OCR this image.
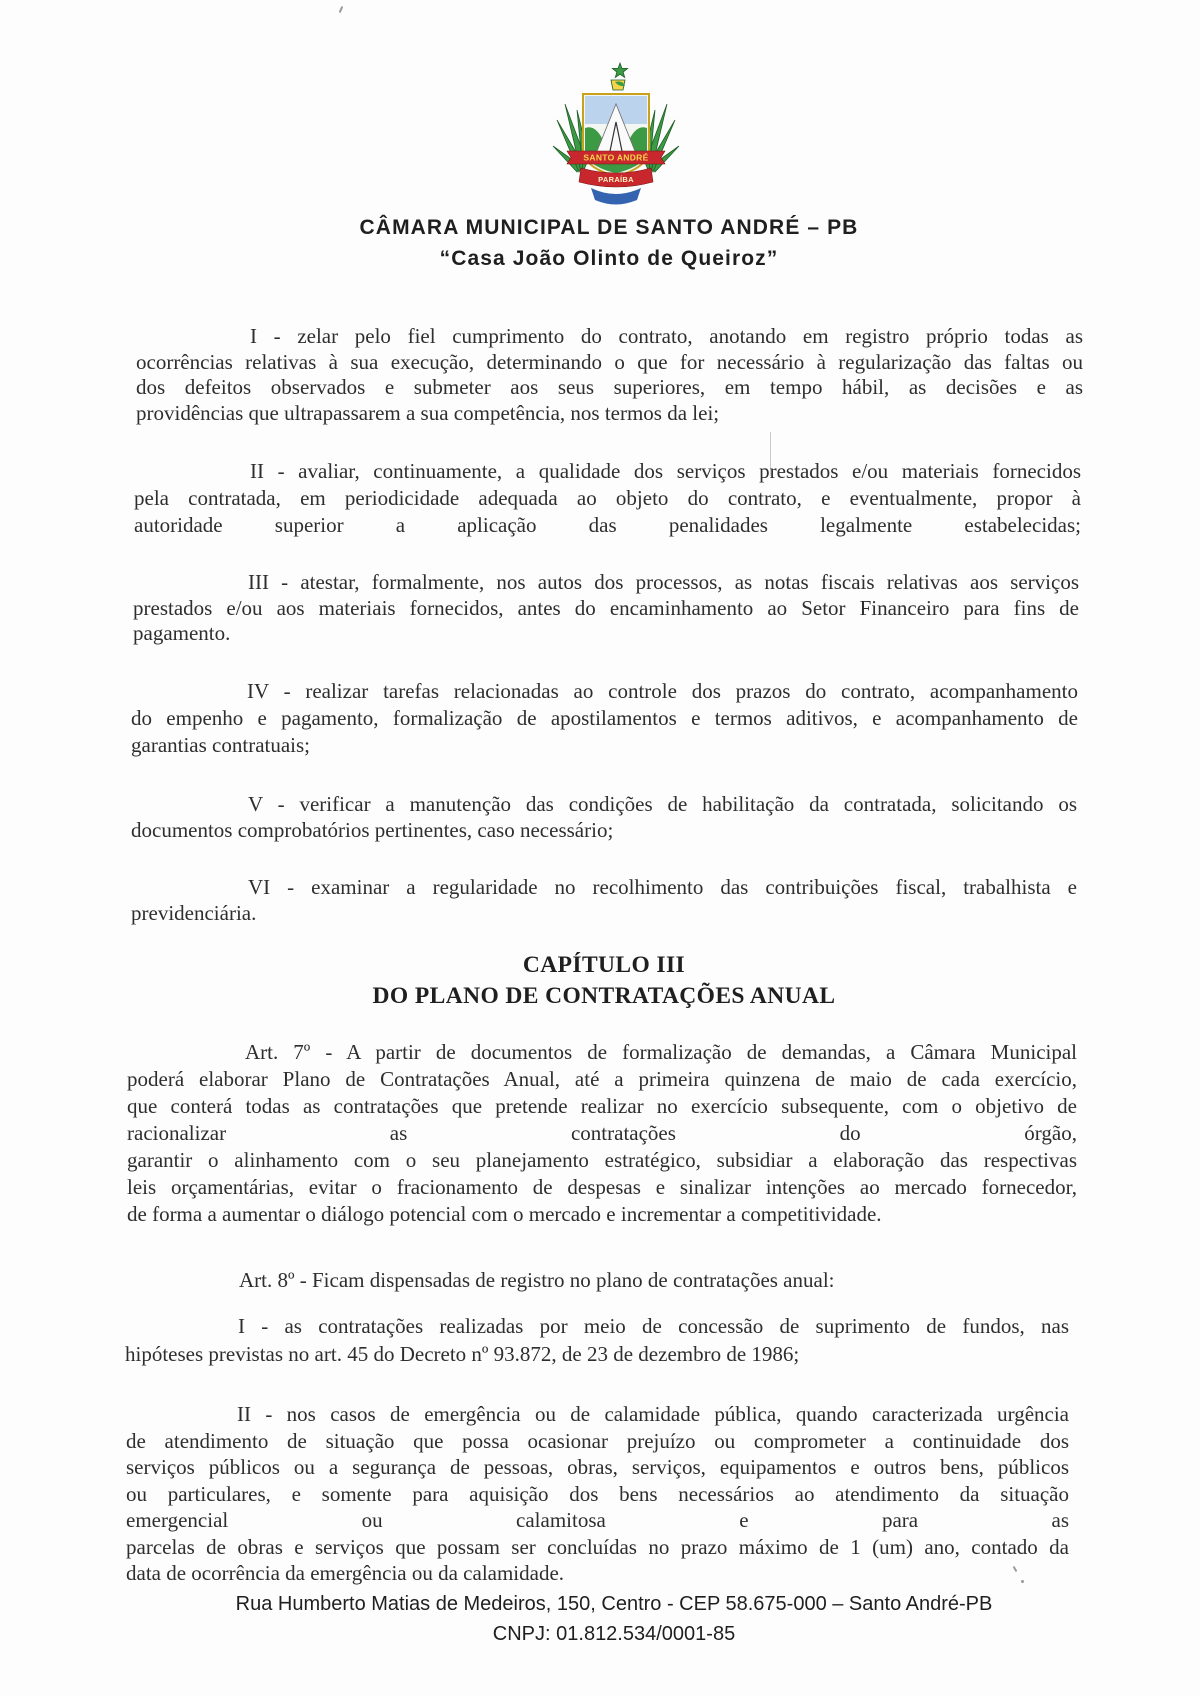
SANTO ANDRÉ
PARAÍBA
CÂMARA MUNICIPAL DE SANTO ANDRÉ – PB
“Casa João Olinto de Queiroz”
I - zelar pelo fiel cumprimento do contrato, anotando em registro próprio todas as
ocorrências relativas à sua execução, determinando o que for necessário à regularização das faltas ou
dos defeitos observados e submeter aos seus superiores, em tempo hábil, as decisões e as
providências que ultrapassarem a sua competência, nos termos da lei;
II - avaliar, continuamente, a qualidade dos serviços prestados e/ou materiais fornecidos
pela contratada, em periodicidade adequada ao objeto do contrato, e eventualmente, propor à
autoridade superior a aplicação das penalidades legalmente estabelecidas;
III - atestar, formalmente, nos autos dos processos, as notas fiscais relativas aos serviços
prestados e/ou aos materiais fornecidos, antes do encaminhamento ao Setor Financeiro para fins de
pagamento.
IV - realizar tarefas relacionadas ao controle dos prazos do contrato, acompanhamento
do empenho e pagamento, formalização de apostilamentos e termos aditivos, e acompanhamento de
garantias contratuais;
V - verificar a manutenção das condições de habilitação da contratada, solicitando os
documentos comprobatórios pertinentes, caso necessário;
VI - examinar a regularidade no recolhimento das contribuições fiscal, trabalhista e
previdenciária.
CAPÍTULO III
DO PLANO DE CONTRATAÇÕES ANUAL
Art. 7º - A partir de documentos de formalização de demandas, a Câmara Municipal
poderá elaborar Plano de Contratações Anual, até a primeira quinzena de maio de cada exercício,
que conterá todas as contratações que pretende realizar no exercício subsequente, com o objetivo de
racionalizar as contratações do órgão,
garantir o alinhamento com o seu planejamento estratégico, subsidiar a elaboração das respectivas
leis orçamentárias, evitar o fracionamento de despesas e sinalizar intenções ao mercado fornecedor,
de forma a aumentar o diálogo potencial com o mercado e incrementar a competitividade.
Art. 8º - Ficam dispensadas de registro no plano de contratações anual:
I - as contratações realizadas por meio de concessão de suprimento de fundos, nas
hipóteses previstas no art. 45 do Decreto nº 93.872, de 23 de dezembro de 1986;
II - nos casos de emergência ou de calamidade pública, quando caracterizada urgência
de atendimento de situação que possa ocasionar prejuízo ou comprometer a continuidade dos
serviços públicos ou a segurança de pessoas, obras, serviços, equipamentos e outros bens, públicos
ou particulares, e somente para aquisição dos bens necessários ao atendimento da situação
emergencial ou calamitosa e para as
parcelas de obras e serviços que possam ser concluídas no prazo máximo de 1 (um) ano, contado da
data de ocorrência da emergência ou da calamidade.
Rua Humberto Matias de Medeiros, 150, Centro - CEP 58.675-000 – Santo André-PB
CNPJ: 01.812.534/0001-85
